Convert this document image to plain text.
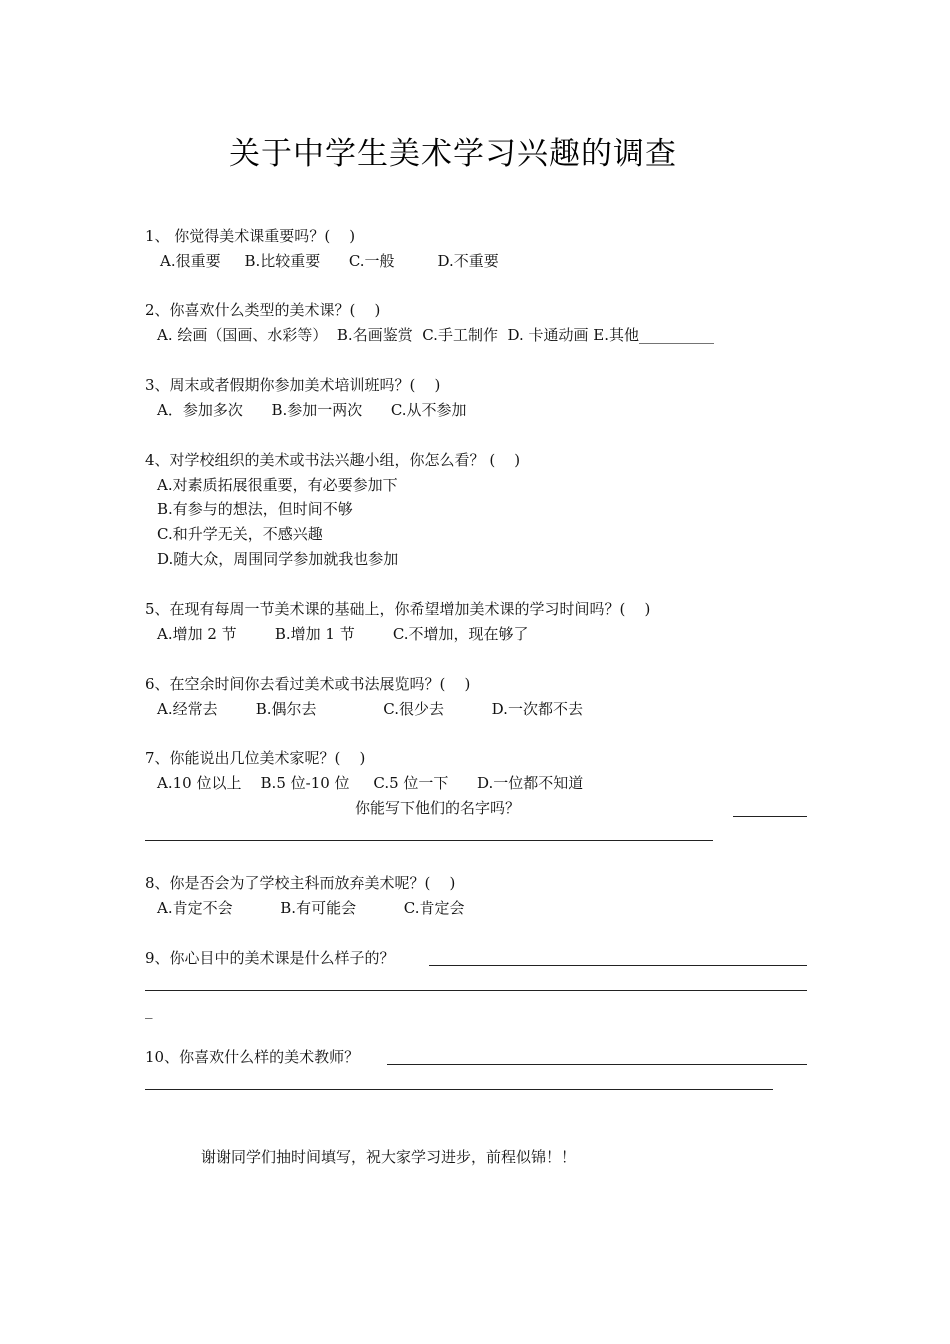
关于中学生美术学习兴趣的调查
1、 你觉得美术课重要吗？(    )
A.很重要     B.比较重要      C.一般         D.不重要
2、你喜欢什么类型的美术课？(    )
A. 绘画（国画、水彩等）  B.名画鉴赏  C.手工制作  D. 卡通动画 E.其他__________
3、周末或者假期你参加美术培训班吗？(    )
A．参加多次      B.参加一两次      C.从不参加
4、对学校组织的美术或书法兴趣小组，你怎么看？ (    )
A.对素质拓展很重要，有必要参加下
B.有参与的想法，但时间不够
C.和升学无关，不感兴趣
D.随大众，周围同学参加就我也参加
5、在现有每周一节美术课的基础上，你希望增加美术课的学习时间吗？(    )
A.增加 2 节        B.增加 1 节        C.不增加，现在够了
6、在空余时间你去看过美术或书法展览吗？(    )
A.经常去        B.偶尔去              C.很少去          D.一次都不去
7、你能说出几位美术家呢？(    )
A.10 位以上    B.5 位-10 位     C.5 位一下      D.一位都不知道
你能写下他们的名字吗？
8、你是否会为了学校主科而放弃美术呢？(    )
A.肯定不会          B.有可能会          C.肯定会
9、你心目中的美术课是什么样子的？
_
10、你喜欢什么样的美术教师？
谢谢同学们抽时间填写，祝大家学习进步，前程似锦！！
